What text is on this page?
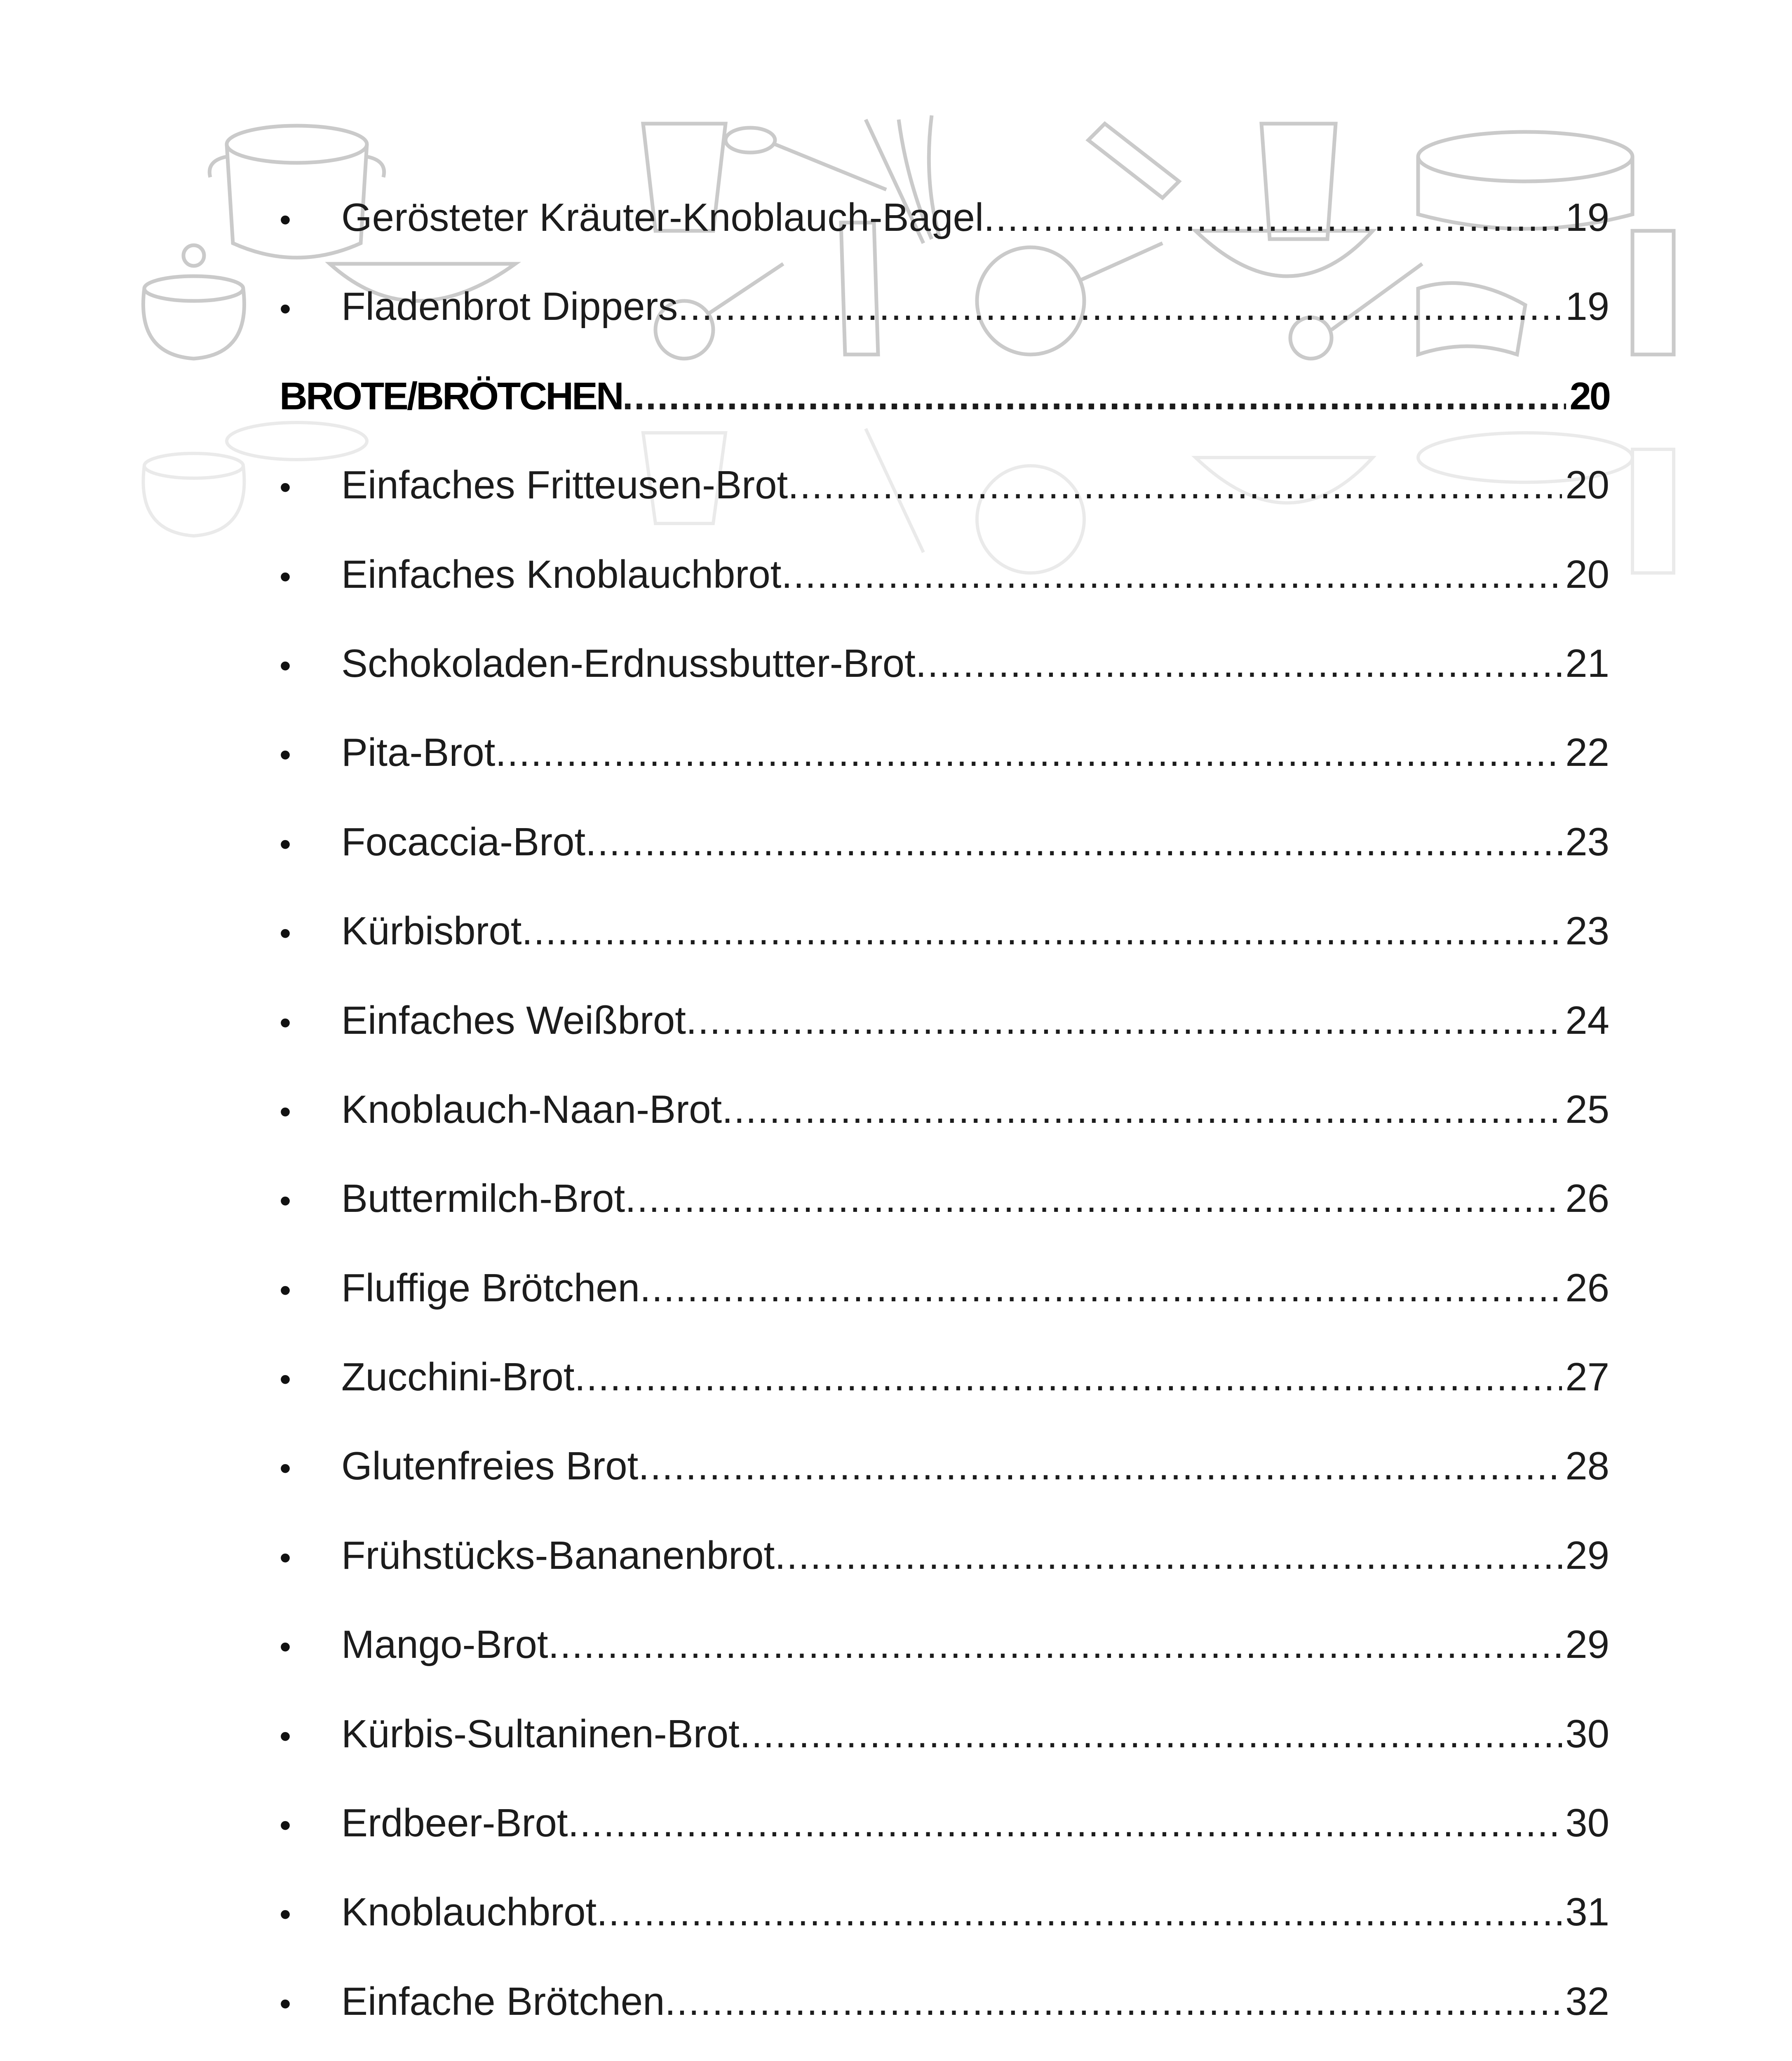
•	Gerösteter Kräuter-Knoblauch-Bagel .....	19
•	Fladenbrot Dippers .....	19
BROTE/BRÖTCHEN .....	20
•	Einfaches Fritteusen-Brot .....	20
•	Einfaches Knoblauchbrot .....	20
•	Schokoladen-Erdnussbutter-Brot .....	21
•	Pita-Brot .....	22
•	Focaccia-Brot .....	23
•	Kürbisbrot .....	23
•	Einfaches Weißbrot .....	24
•	Knoblauch-Naan-Brot .....	25
•	Buttermilch-Brot .....	26
•	Fluffige Brötchen .....	26
•	Zucchini-Brot .....	27
•	Glutenfreies Brot .....	28
•	Frühstücks-Bananenbrot .....	29
•	Mango-Brot .....	29
•	Kürbis-Sultaninen-Brot .....	30
•	Erdbeer-Brot .....	30
•	Knoblauchbrot .....	31
•	Einfache Brötchen .....	32
.....
